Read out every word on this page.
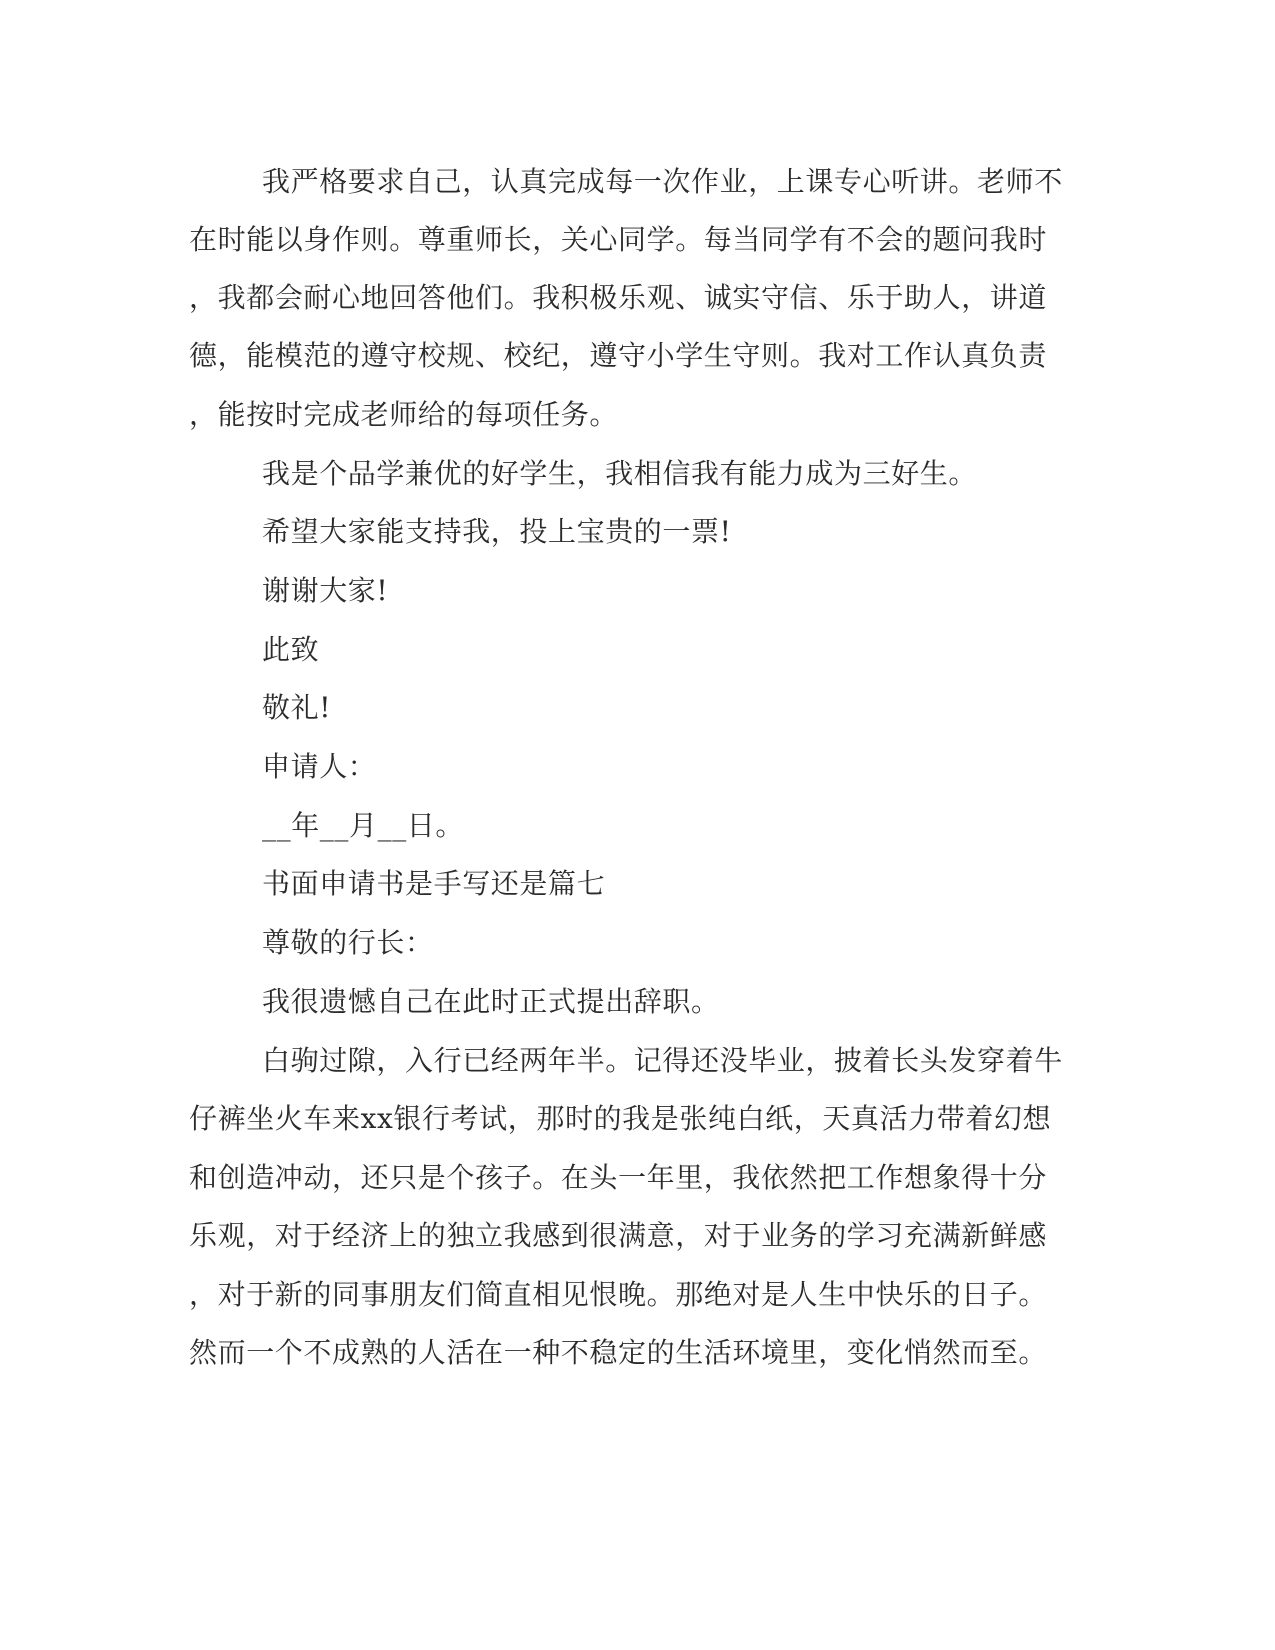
我严格要求自己，认真完成每一次作业，上课专心听讲。老师不
在时能以身作则。尊重师长，关心同学。每当同学有不会的题问我时
，我都会耐心地回答他们。我积极乐观、诚实守信、乐于助人，讲道
德，能模范的遵守校规、校纪，遵守小学生守则。我对工作认真负责
，能按时完成老师给的每项任务。
我是个品学兼优的好学生，我相信我有能力成为三好生。
希望大家能支持我，投上宝贵的一票!
谢谢大家!
此致
敬礼!
申请人：
__年__月__日。
书面申请书是手写还是篇七
尊敬的行长：
我很遗憾自己在此时正式提出辞职。
白驹过隙，入行已经两年半。记得还没毕业，披着长头发穿着牛
仔裤坐火车来xx银行考试，那时的我是张纯白纸，天真活力带着幻想
和创造冲动，还只是个孩子。在头一年里，我依然把工作想象得十分
乐观，对于经济上的独立我感到很满意，对于业务的学习充满新鲜感
，对于新的同事朋友们简直相见恨晚。那绝对是人生中快乐的日子。
然而一个不成熟的人活在一种不稳定的生活环境里，变化悄然而至。
